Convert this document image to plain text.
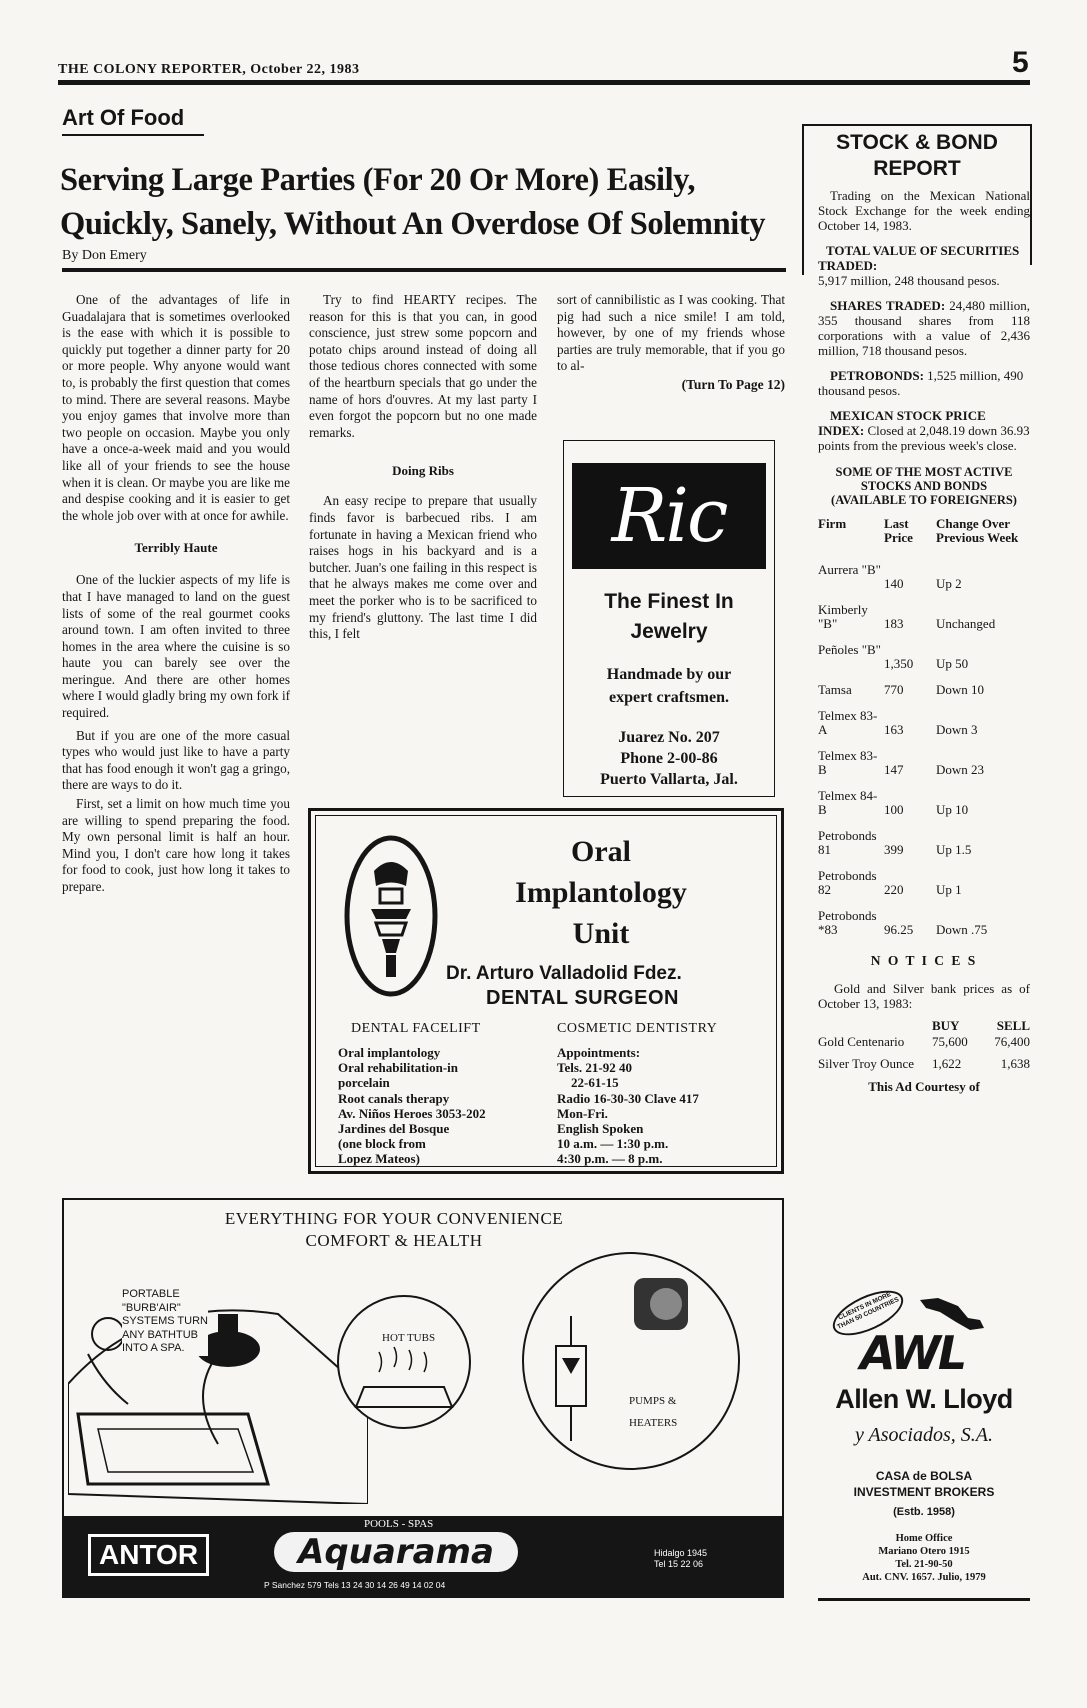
THE COLONY REPORTER, October 22, 1983	5
Art Of Food
Serving Large Parties (For 20 Or More) Easily,
Quickly, Sanely, Without An Overdose Of Solemnity
By Don Emery

One of the advantages of life in Guadalajara that is sometimes overlooked is the ease with which it is possible to quickly put together a dinner party for 20 or more people. Why anyone would want to, is probably the first question that comes to mind. There are several reasons. Maybe you enjoy games that involve more than two people on occasion. Maybe you only have a once-a-week maid and you would like all of your friends to see the house when it is clean. Or maybe you are like me and despise cooking and it is easier to get the whole job over with at once for awhile.

Terribly Haute

One of the luckier aspects of my life is that I have managed to land on the guest lists of some of the real gourmet cooks around town. I am often invited to three homes in the area where the cuisine is so haute you can barely see over the meringue. And there are other homes where I would gladly bring my own fork if required.

But if you are one of the more casual types who would just like to have a party that has food enough it won't gag a gringo, there are ways to do it.

First, set a limit on how much time you are willing to spend preparing the food. My own personal limit is half an hour. Mind you, I don't care how long it takes for food to cook, just how long it takes to prepare.

Try to find HEARTY recipes. The reason for this is that you can, in good conscience, just strew some popcorn and potato chips around instead of doing all those tedious chores connected with some of the heartburn specials that go under the name of hors d'ouvres. At my last party I even forgot the popcorn but no one made remarks.

Doing Ribs

An easy recipe to prepare that usually finds favor is barbecued ribs. I am fortunate in having a Mexican friend who raises hogs in his backyard and is a butcher. Juan's one failing in this respect is that he always makes me come over and meet the porker who is to be sacrificed to my friend's gluttony. The last time I did this, I felt

sort of cannibilistic as I was cooking. That pig had such a nice smile! I am told, however, by one of my friends whose parties are truly memorable, that if you go to al-

(Turn To Page 12)
Ric
The Finest In Jewelry
Handmade by our
expert craftsmen.
Juarez No. 207
Phone 2-00-86
Puerto Vallarta, Jal.
Oral
Implantology
Unit
Dr. Arturo Valladolid Fdez.
DENTAL SURGEON
DENTAL FACELIFT	COSMETIC DENTISTRY
Oral implantology
Oral rehabilitation-in
porcelain
Root canals therapy
Av. Niños Heroes 3053-202
Jardines del Bosque
(one block from
Lopez Mateos)
Appointments:
Tels. 21-92 40
22-61-15
Radio 16-30-30 Clave 417
Mon-Fri.
English Spoken
10 a.m. — 1:30 p.m.
4:30 p.m. — 8 p.m.
EVERYTHING FOR YOUR CONVENIENCE
COMFORT & HEALTH
PORTABLE
"BURB'AIR"
SYSTEMS TURN
ANY BATHTUB
INTO A SPA.
HOT TUBS
PUMPS &
HEATERS
ANTOR
POOLS - SPAS
Aquarama
P Sanchez 579 Tels 13 24 30 14 26 49 14 02 04
Hidalgo 1945
Tel 15 22 06
STOCK & BOND
REPORT

Trading on the Mexican National Stock Exchange for the week ending October 14, 1983.

TOTAL VALUE OF SECURITIES TRADED:
5,917 million, 248 thousand pesos.

SHARES TRADED: 24,480 million, 355 thousand shares from 118 corporations with a value of 2,436 million, 718 thousand pesos.

PETROBONDS: 1,525 million, 490 thousand pesos.

MEXICAN STOCK PRICE INDEX: Closed at 2,048.19 down 36.93 points from the previous week's close.

SOME OF THE MOST ACTIVE STOCKS AND BONDS (AVAILABLE TO FOREIGNERS)
Firm	Last Price	Change Over Previous Week

Aurrera "B"	140	Up 2

Kimberly "B"	183	Unchanged

Peñoles "B"	1,350	Up 50

Tamsa	770	Down 10

Telmex 83-A	163	Down 3

Telmex 83-B	147	Down 23

Telmex 84-B	100	Up 10

Petrobonds 81	399	Up 1.5

Petrobonds 82	220	Up 1

Petrobonds *83	96.25	Down .75
N O T I C E S

Gold and Silver bank prices as of October 13, 1983:

BUY	SELL
Gold Centenario	75,600	76,400
Silver Troy Ounce	1,622	1,638
This Ad Courtesy of
CLIENTS IN MORE THAN 50 COUNTRIES
AWL
Allen W. Lloyd
y Asociados, S.A.
CASA de BOLSA
INVESTMENT BROKERS
(Estb. 1958)
Home Office
Mariano Otero 1915
Tel. 21-90-50
Aut. CNV. 1657. Julio, 1979
